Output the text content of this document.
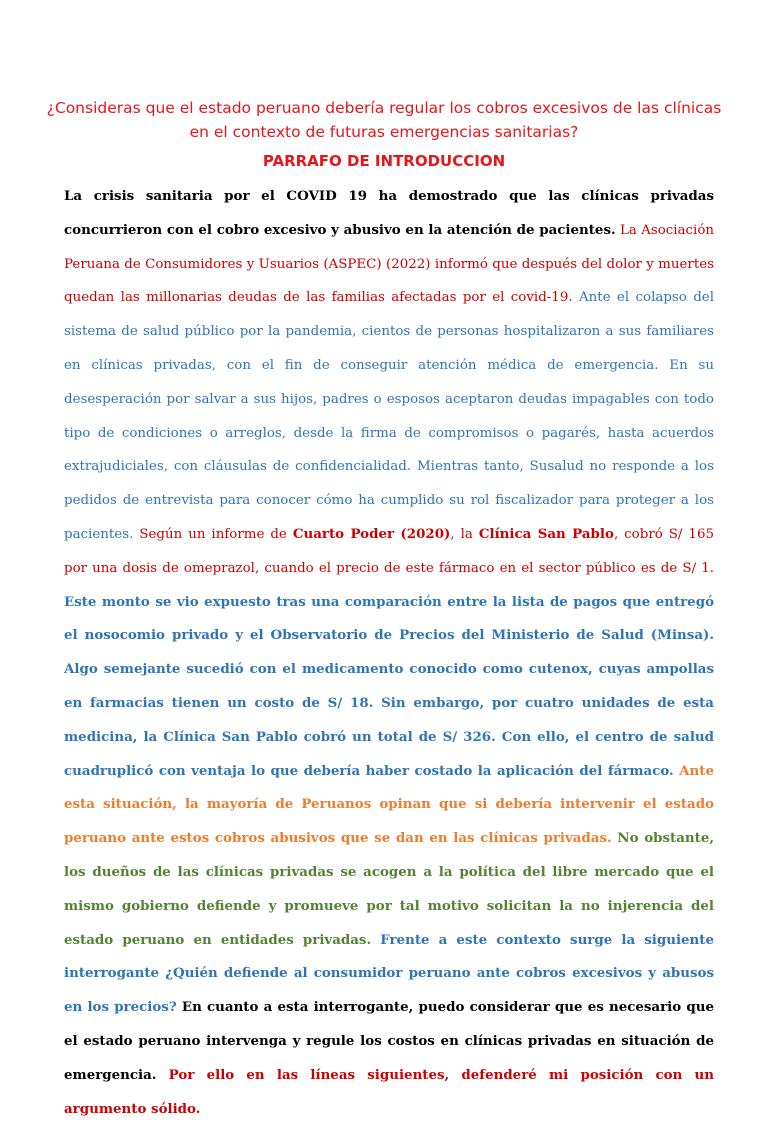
¿Consideras que el estado peruano debería regular los cobros excesivos de las clínicas en el contexto de futuras emergencias sanitarias?
PARRAFO DE INTRODUCCION

La crisis sanitaria por el COVID 19 ha demostrado que las clínicas privadas concurrieron con el cobro excesivo y abusivo en la atención de pacientes. La Asociación Peruana de Consumidores y Usuarios (ASPEC) (2022) informó que después del dolor y muertes quedan las millonarias deudas de las familias afectadas por el covid-19. Ante el colapso del sistema de salud público por la pandemia, cientos de personas hospitalizaron a sus familiares en clínicas privadas, con el fin de conseguir atención médica de emergencia. En su desesperación por salvar a sus hijos, padres o esposos aceptaron deudas impagables con todo tipo de condiciones o arreglos, desde la firma de compromisos o pagarés, hasta acuerdos extrajudiciales, con cláusulas de confidencialidad. Mientras tanto, Susalud no responde a los pedidos de entrevista para conocer cómo ha cumplido su rol fiscalizador para proteger a los pacientes. Según un informe de Cuarto Poder (2020), la Clínica San Pablo, cobró S/ 165 por una dosis de omeprazol, cuando el precio de este fármaco en el sector público es de S/ 1. Este monto se vio expuesto tras una comparación entre la lista de pagos que entregó el nosocomio privado y el Observatorio de Precios del Ministerio de Salud (Minsa). Algo semejante sucedió con el medicamento conocido como cutenox, cuyas ampollas en farmacias tienen un costo de S/ 18. Sin embargo, por cuatro unidades de esta medicina, la Clínica San Pablo cobró un total de S/ 326. Con ello, el centro de salud cuadruplicó con ventaja lo que debería haber costado la aplicación del fármaco. Ante esta situación, la mayoría de Peruanos opinan que si debería intervenir el estado peruano ante estos cobros abusivos que se dan en las clínicas privadas. No obstante, los dueños de las clínicas privadas se acogen a la política del libre mercado que el mismo gobierno defiende y promueve por tal motivo solicitan la no injerencia del estado peruano en entidades privadas. Frente a este contexto surge la siguiente interrogante ¿Quién defiende al consumidor peruano ante cobros excesivos y abusos en los precios? En cuanto a esta interrogante, puedo considerar que es necesario que el estado peruano intervenga y regule los costos en clínicas privadas en situación de emergencia. Por ello en las líneas siguientes, defenderé mi posición con un argumento sólido.
